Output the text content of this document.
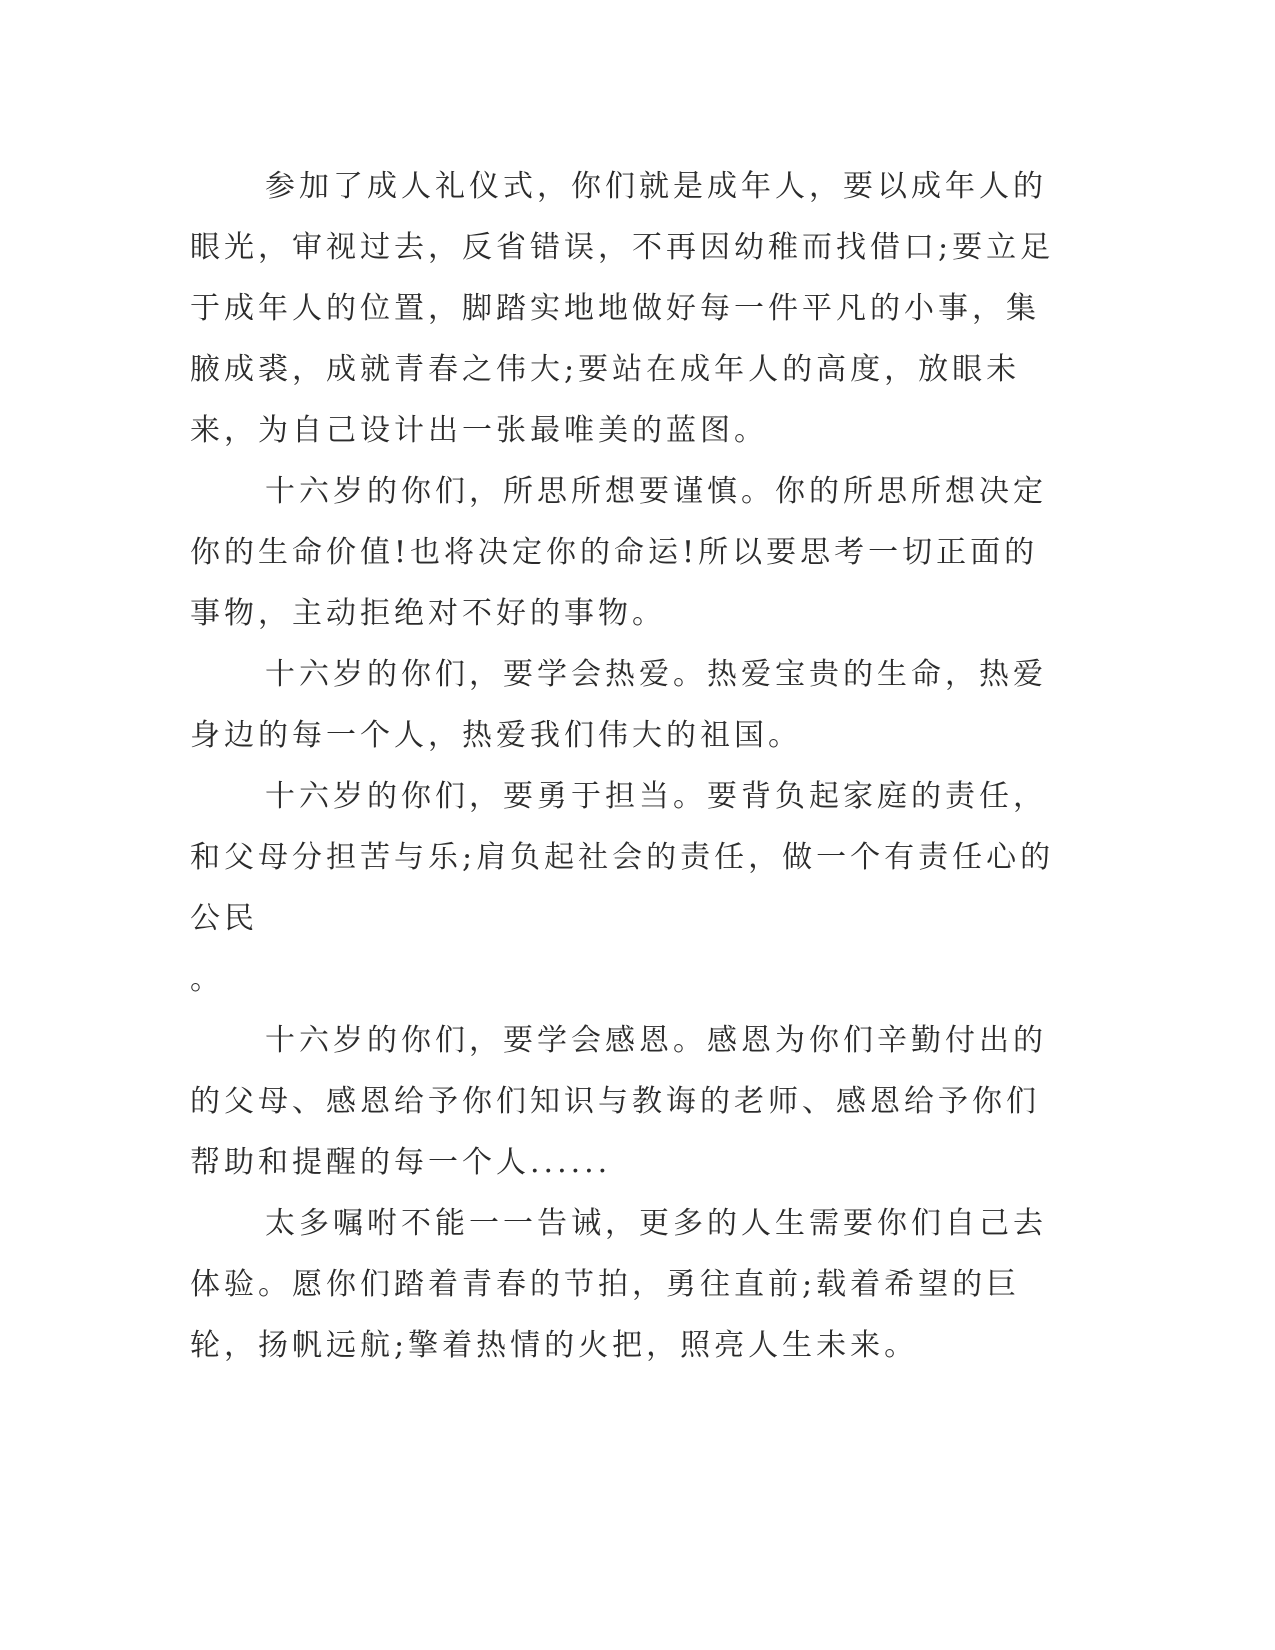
参加了成人礼仪式，你们就是成年人，要以成年人的眼光，审视过去，反省错误，不再因幼稚而找借口;要立足于成年人的位置，脚踏实地地做好每一件平凡的小事，集腋成裘，成就青春之伟大;要站在成年人的高度，放眼未来，为自己设计出一张最唯美的蓝图。

十六岁的你们，所思所想要谨慎。你的所思所想决定你的生命价值!也将决定你的命运!所以要思考一切正面的事物，主动拒绝对不好的事物。

十六岁的你们，要学会热爱。热爱宝贵的生命，热爱身边的每一个人，热爱我们伟大的祖国。

十六岁的你们，要勇于担当。要背负起家庭的责任，和父母分担苦与乐;肩负起社会的责任，做一个有责任心的公民
。

十六岁的你们，要学会感恩。感恩为你们辛勤付出的的父母、感恩给予你们知识与教诲的老师、感恩给予你们帮助和提醒的每一个人......

太多嘱咐不能一一告诫，更多的人生需要你们自己去体验。愿你们踏着青春的节拍，勇往直前;载着希望的巨轮，扬帆远航;擎着热情的火把，照亮人生未来。
